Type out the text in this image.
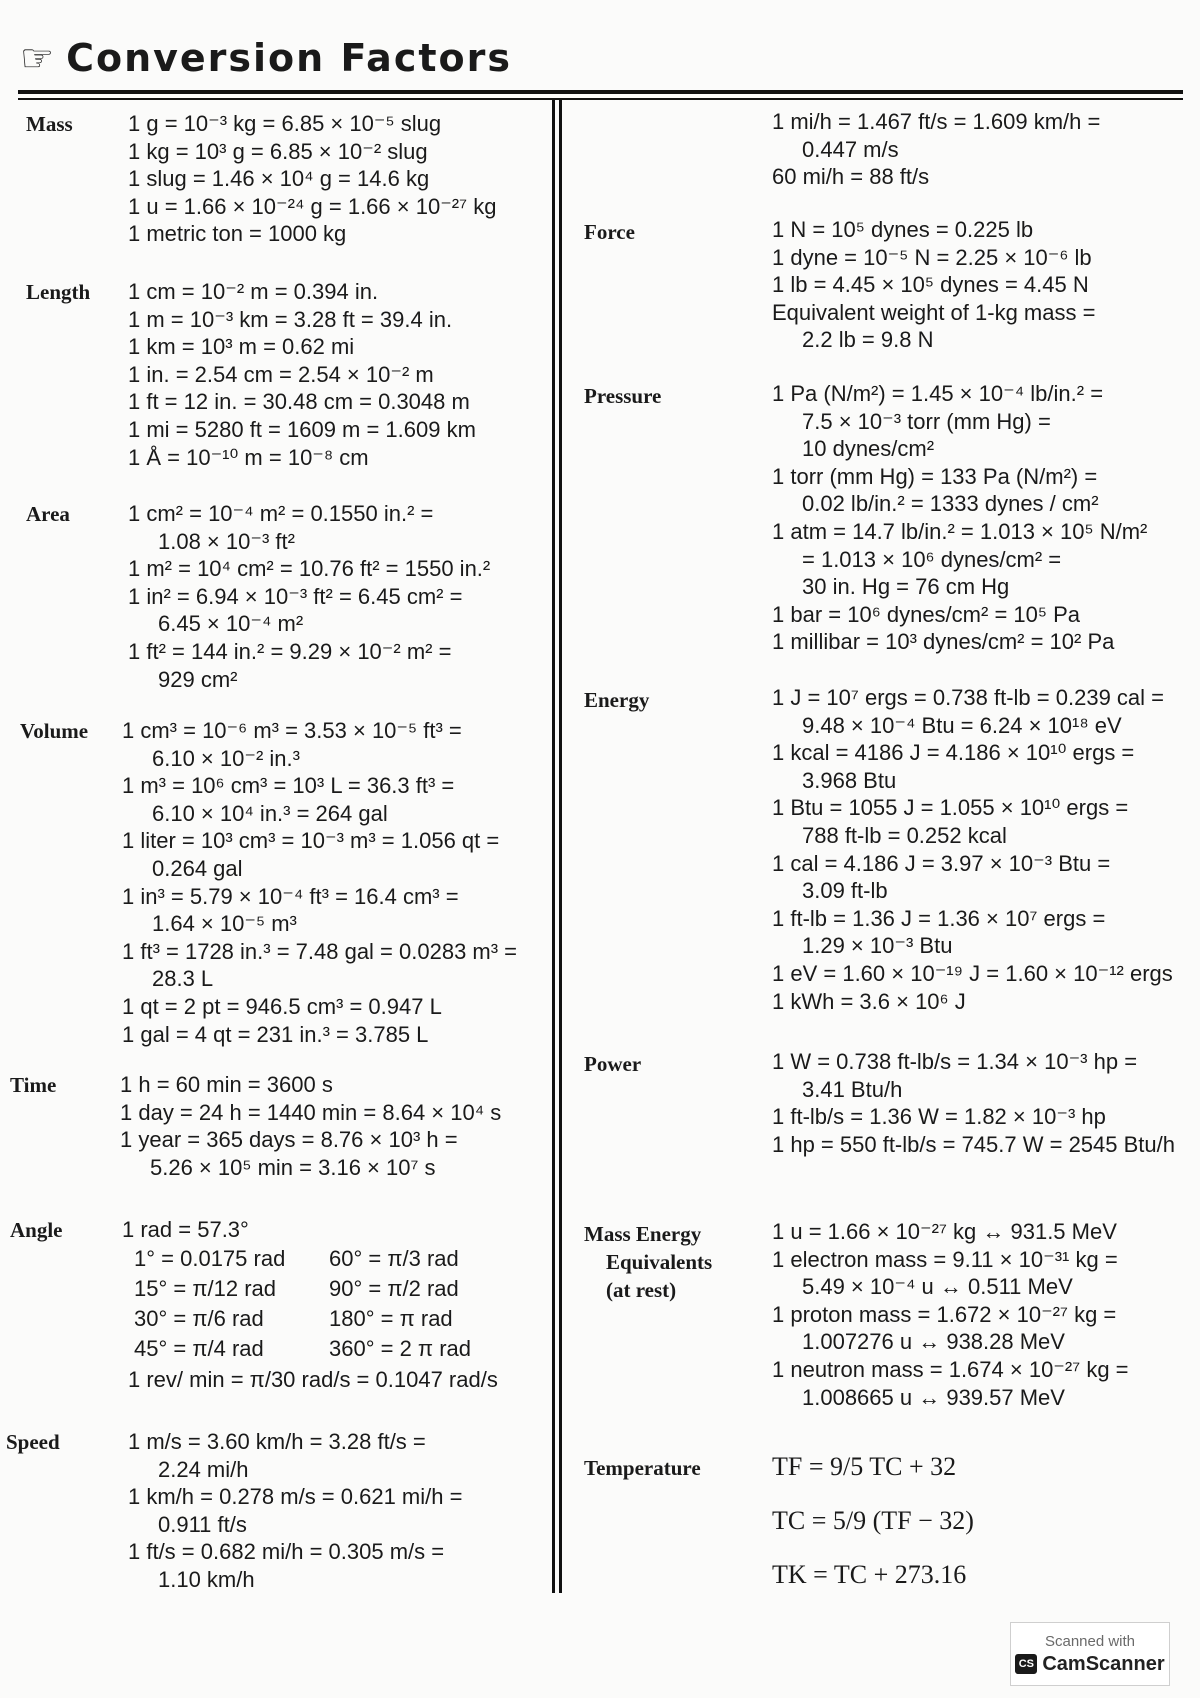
☞ Conversion Factors
Mass	1 g = 10⁻³ kg = 6.85 × 10⁻⁵ slug
1 kg = 10³ g = 6.85 × 10⁻² slug
1 slug = 1.46 × 10⁴ g = 14.6 kg
1 u = 1.66 × 10⁻²⁴ g = 1.66 × 10⁻²⁷ kg
1 metric ton = 1000 kg
Length 1 cm = 10⁻² m = 0.394 in.
1 m = 10⁻³ km = 3.28 ft = 39.4 in.
1 km = 10³ m = 0.62 mi
1 in. = 2.54 cm = 2.54 × 10⁻² m
1 ft = 12 in. = 30.48 cm = 0.3048 m
1 mi = 5280 ft = 1609 m = 1.609 km
1 Å = 10⁻¹⁰ m = 10⁻⁸ cm
Area	1 cm² = 10⁻⁴ m² = 0.1550 in.² =
1.08 × 10⁻³ ft²
1 m² = 10⁴ cm² = 10.76 ft² = 1550 in.²
1 in² = 6.94 × 10⁻³ ft² = 6.45 cm² =
6.45 × 10⁻⁴ m²
1 ft² = 144 in.² = 9.29 × 10⁻² m² =
929 cm²
Volume 1 cm³ = 10⁻⁶ m³ = 3.53 × 10⁻⁵ ft³ =
6.10 × 10⁻² in.³
1 m³ = 10⁶ cm³ = 10³ L = 36.3 ft³ =
6.10 × 10⁴ in.³ = 264 gal
1 liter = 10³ cm³ = 10⁻³ m³ = 1.056 qt =
0.264 gal
1 in³ = 5.79 × 10⁻⁴ ft³ = 16.4 cm³ =
1.64 × 10⁻⁵ m³
1 ft³ = 1728 in.³ = 7.48 gal = 0.0283 m³ =
28.3 L
1 qt = 2 pt = 946.5 cm³ = 0.947 L
1 gal = 4 qt = 231 in.³ = 3.785 L
Time	1 h = 60 min = 3600 s
1 day = 24 h = 1440 min = 8.64 × 10⁴ s
1 year = 365 days = 8.76 × 10³ h =
5.26 × 10⁵ min = 3.16 × 10⁷ s
Angle	1 rad = 57.3°
1° = 0.0175 rad	60° = π/3 rad
15° = π/12 rad	90° = π/2 rad
30° = π/6 rad	180° = π rad
45° = π/4 rad	360° = 2 π rad
1 rev/ min = π/30 rad/s = 0.1047 rad/s
Speed	1 m/s = 3.60 km/h = 3.28 ft/s =
2.24 mi/h
1 km/h = 0.278 m/s = 0.621 mi/h =
0.911 ft/s
1 ft/s = 0.682 mi/h = 0.305 m/s =
1.10 km/h
1 mi/h = 1.467 ft/s = 1.609 km/h =
0.447 m/s
60 mi/h = 88 ft/s
Force	1 N = 10⁵ dynes = 0.225 lb
1 dyne = 10⁻⁵ N = 2.25 × 10⁻⁶ lb
1 lb = 4.45 × 10⁵ dynes = 4.45 N
Equivalent weight of 1-kg mass =
2.2 lb = 9.8 N
Pressure	1 Pa (N/m²) = 1.45 × 10⁻⁴ lb/in.² =
7.5 × 10⁻³ torr (mm Hg) =
10 dynes/cm²
1 torr (mm Hg) = 133 Pa (N/m²) =
0.02 lb/in.² = 1333 dynes / cm²
1 atm = 14.7 lb/in.² = 1.013 × 10⁵ N/m²
= 1.013 × 10⁶ dynes/cm² =
30 in. Hg = 76 cm Hg
1 bar = 10⁶ dynes/cm² = 10⁵ Pa
1 millibar = 10³ dynes/cm² = 10² Pa
Energy	1 J = 10⁷ ergs = 0.738 ft-lb = 0.239 cal =
9.48 × 10⁻⁴ Btu = 6.24 × 10¹⁸ eV
1 kcal = 4186 J = 4.186 × 10¹⁰ ergs =
3.968 Btu
1 Btu = 1055 J = 1.055 × 10¹⁰ ergs =
788 ft-lb = 0.252 kcal
1 cal = 4.186 J = 3.97 × 10⁻³ Btu =
3.09 ft-lb
1 ft-lb = 1.36 J = 1.36 × 10⁷ ergs =
1.29 × 10⁻³ Btu
1 eV = 1.60 × 10⁻¹⁹ J = 1.60 × 10⁻¹² ergs
1 kWh = 3.6 × 10⁶ J
Power	1 W = 0.738 ft-lb/s = 1.34 × 10⁻³ hp =
3.41 Btu/h
1 ft-lb/s = 1.36 W = 1.82 × 10⁻³ hp
1 hp = 550 ft-lb/s = 745.7 W = 2545 Btu/h
Mass Energy
Equivalents
(at rest)
1 u = 1.66 × 10⁻²⁷ kg ↔ 931.5 MeV
1 electron mass = 9.11 × 10⁻³¹ kg =
5.49 × 10⁻⁴ u ↔ 0.511 MeV
1 proton mass = 1.672 × 10⁻²⁷ kg =
1.007276 u ↔ 938.28 MeV
1 neutron mass = 1.674 × 10⁻²⁷ kg =
1.008665 u ↔ 939.57 MeV
Temperature	TF = 9/5 TC + 32
TC = 5/9 (TF − 32)
TK = TC + 273.16
Scanned with
CS CamScanner
